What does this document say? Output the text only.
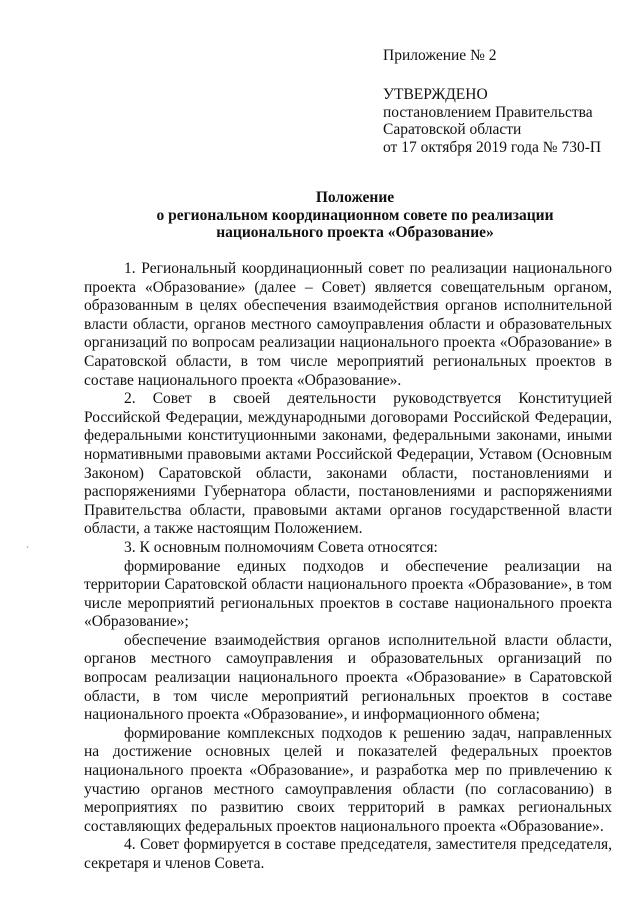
Приложение № 2
УТВЕРЖДЕНО
постановлением Правительства
Саратовской области
от 17 октября 2019 года № 730-П
Положение
о региональном координационном совете по реализации
национального проекта «Образование»
ˊ

1. Региональный координационный совет по реализации национального проекта «Образование» (далее – Совет) является совещательным органом, образованным в целях обеспечения взаимодействия органов исполнительной власти области, органов местного самоуправления области и образовательных организаций по вопросам реализации национального проекта «Образование» в Саратовской области, в том числе мероприятий региональных проектов в составе национального проекта «Образование».

2. Совет в своей деятельности руководствуется Конституцией Российской Федерации, международными договорами Российской Федерации, федеральными конституционными законами, федеральными законами, иными нормативными правовыми актами Российской Федерации, Уставом (Основным Законом) Саратовской области, законами области, постановлениями и распоряжениями Губернатора области, постановлениями и распоряжениями Правительства области, правовыми актами органов государственной власти области, а также настоящим Положением.

3. К основным полномочиям Совета относятся:

формирование единых подходов и обеспечение реализации на территории Саратовской области национального проекта «Образование», в том числе мероприятий региональных проектов в составе национального проекта «Образование»;

обеспечение взаимодействия органов исполнительной власти области, органов местного самоуправления и образовательных организаций по вопросам реализации национального проекта «Образование» в Саратовской области, в том числе мероприятий региональных проектов в составе национального проекта «Образование», и информационного обмена;

формирование комплексных подходов к решению задач, направленных на достижение основных целей и показателей федеральных проектов национального проекта «Образование», и разработка мер по привлечению к участию органов местного самоуправления области (по согласованию) в мероприятиях по развитию своих территорий в рамках региональных составляющих федеральных проектов национального проекта «Образование».

4. Совет формируется в составе председателя, заместителя председателя, секретаря и членов Совета.
